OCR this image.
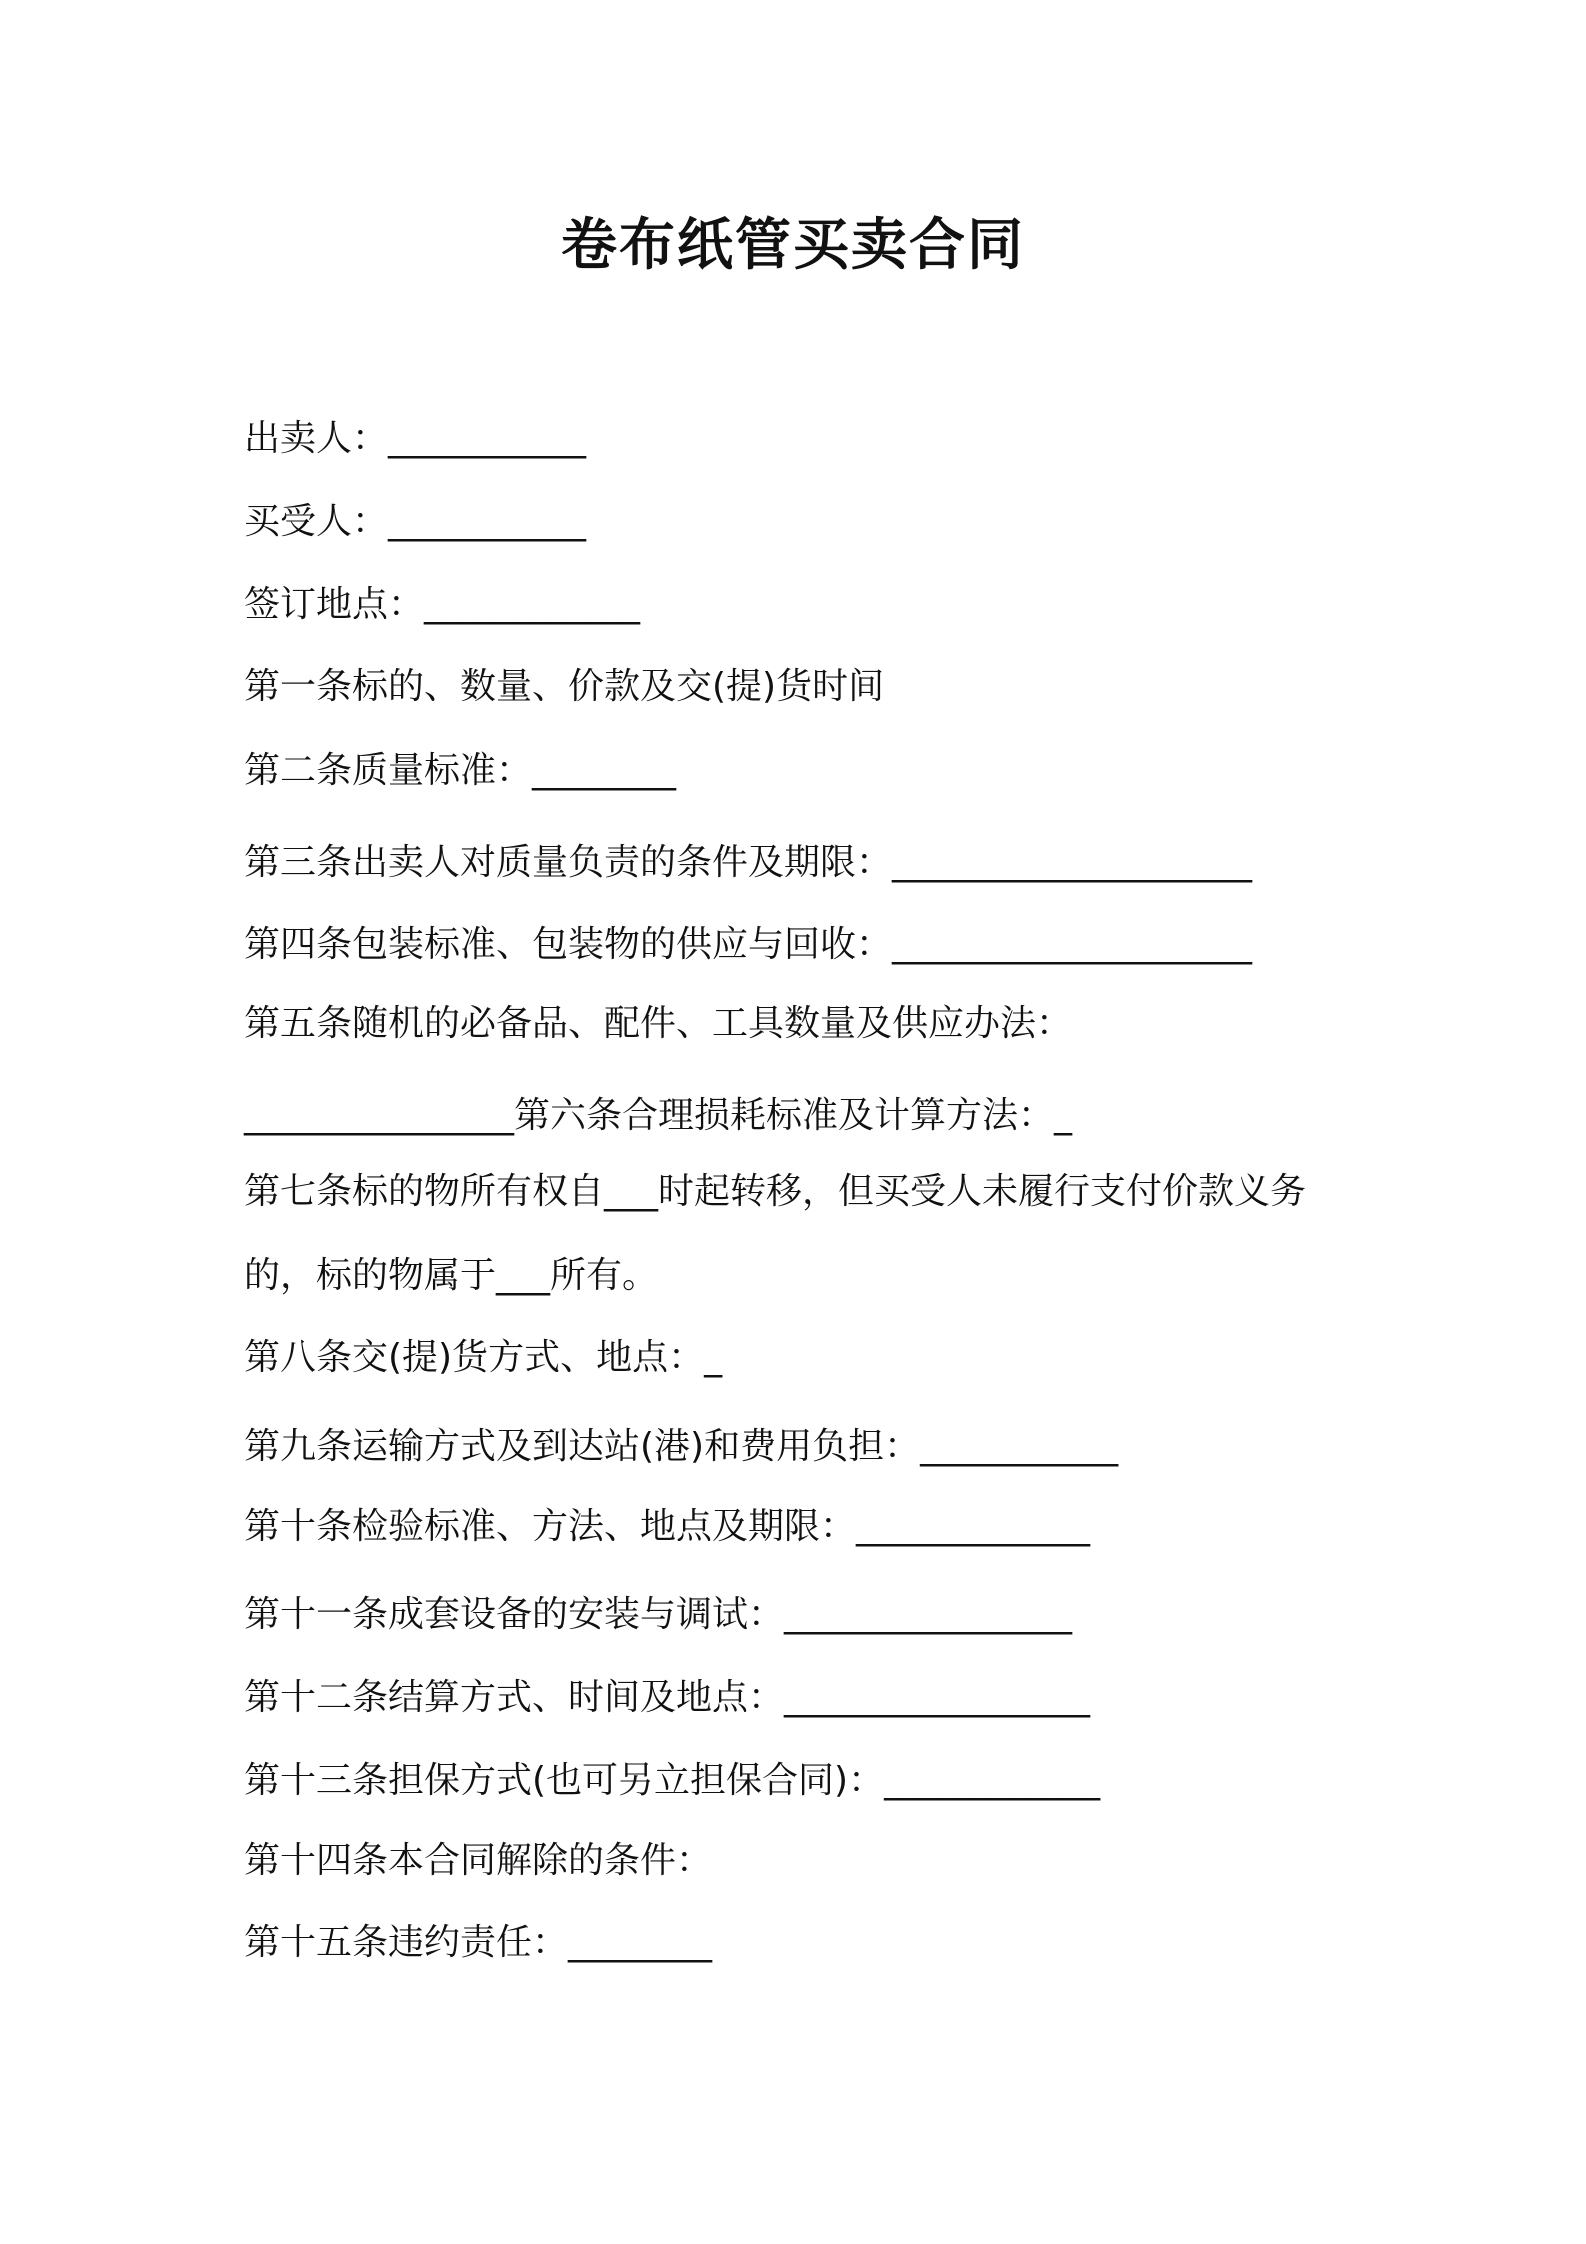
卷布纸管买卖合同
出卖人：___________
买受人：___________
签订地点：____________
第一条标的、数量、价款及交(提)货时间
第二条质量标准：________
第三条出卖人对质量负责的条件及期限：____________________
第四条包装标准、包装物的供应与回收：____________________
第五条随机的必备品、配件、工具数量及供应办法：
_______________第六条合理损耗标准及计算方法：_
第七条标的物所有权自___时起转移，但买受人未履行支付价款义务
的，标的物属于___所有。
第八条交(提)货方式、地点：_
第九条运输方式及到达站(港)和费用负担：___________
第十条检验标准、方法、地点及期限：_____________
第十一条成套设备的安装与调试：________________
第十二条结算方式、时间及地点：_________________
第十三条担保方式(也可另立担保合同)：____________
第十四条本合同解除的条件：
第十五条违约责任：________
